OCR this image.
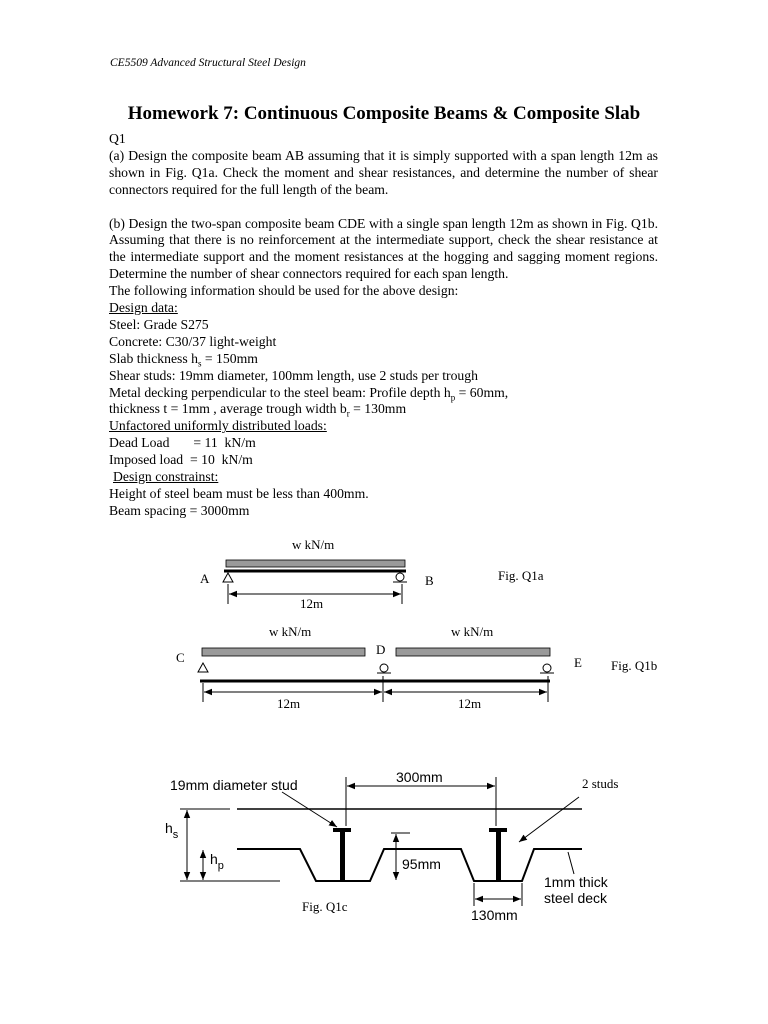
CE5509 Advanced Structural Steel Design
Homework 7: Continuous Composite Beams & Composite Slab

Q1

(a) Design the composite beam AB assuming that it is simply supported with a span length 12m as shown in Fig. Q1a. Check the moment and shear resistances, and determine the number of shear connectors required for the full length of the beam.

(b) Design the two-span composite beam CDE with a single span length 12m as shown in Fig. Q1b. Assuming that there is no reinforcement at the intermediate support, check the shear resistance at the intermediate support and the moment resistances at the hogging and sagging moment regions. Determine the number of shear connectors required for each span length.

The following information should be used for the above design:

Design data:

Steel: Grade S275

Concrete: C30/37 light-weight

Slab thickness $h_s = 150mm$

Shear studs: 19mm diameter, 100mm length, use 2 studs per trough

Metal decking perpendicular to the steel beam: Profile depth $h_p = 60mm$,

thickness t = 1mm , average trough width $b_r = 130mm$

Unfactored uniformly distributed loads:

Dead Load       = 11  kN/m

Imposed load  = 10  kN/m

Design constrainst:

Height of steel beam must be less than 400mm.

Beam spacing = 3000mm

w kN/m
A	B
12m
Fig. Q1a
w kN/m	w kN/m
C
D
E
12m	12m
Fig. Q1b
19mm diameter stud	300mm	2 studs
$h_s$
$h_p$	95mm
1mm thick
steel deck
130mm
Fig. Q1c
